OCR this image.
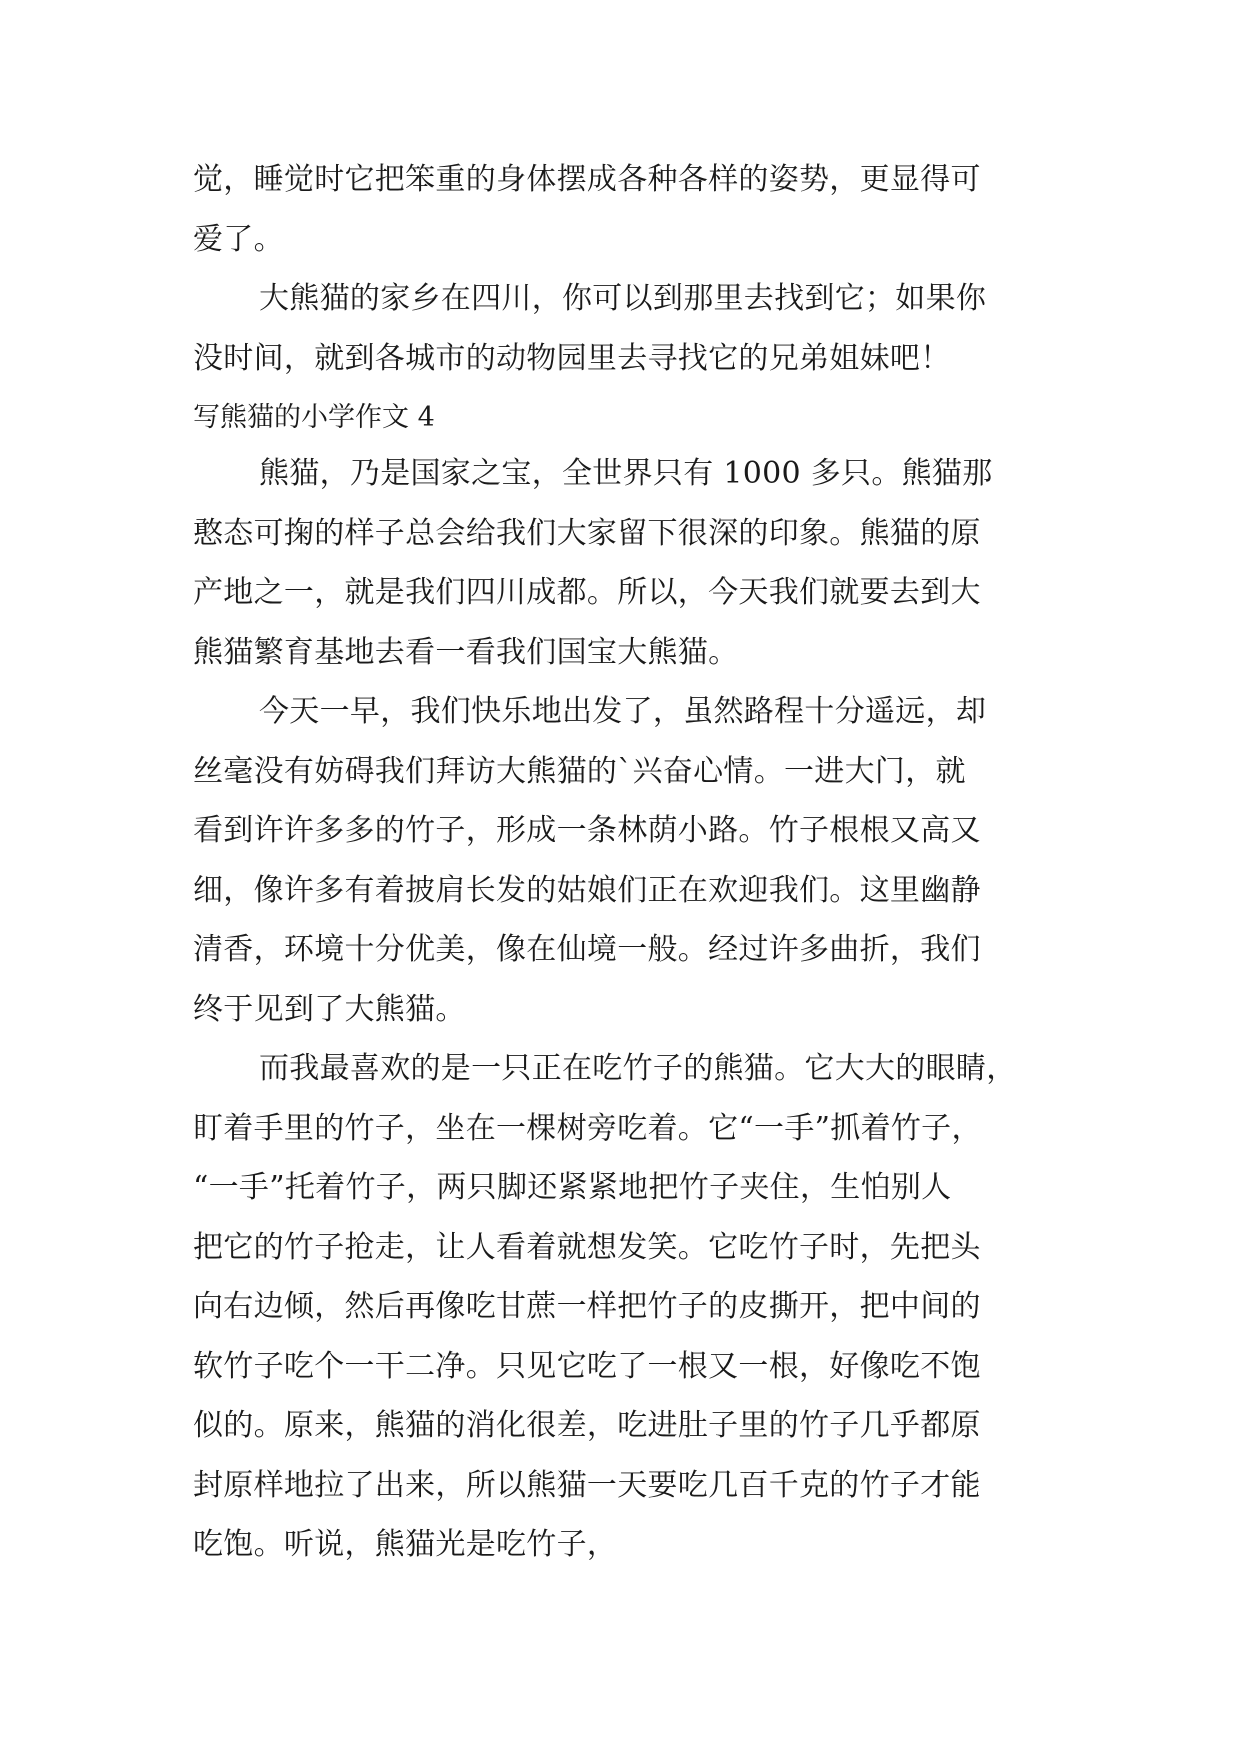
觉，睡觉时它把笨重的身体摆成各种各样的姿势，更显得可
爱了。
大熊猫的家乡在四川，你可以到那里去找到它；如果你
没时间，就到各城市的动物园里去寻找它的兄弟姐妹吧！
写熊猫的小学作文 4
熊猫，乃是国家之宝，全世界只有 1000 多只。熊猫那
憨态可掬的样子总会给我们大家留下很深的印象。熊猫的原
产地之一，就是我们四川成都。所以，今天我们就要去到大
熊猫繁育基地去看一看我们国宝大熊猫。
今天一早，我们快乐地出发了，虽然路程十分遥远，却
丝毫没有妨碍我们拜访大熊猫的`兴奋心情。一进大门，就
看到许许多多的竹子，形成一条林荫小路。竹子根根又高又
细，像许多有着披肩长发的姑娘们正在欢迎我们。这里幽静
清香，环境十分优美，像在仙境一般。经过许多曲折，我们
终于见到了大熊猫。
而我最喜欢的是一只正在吃竹子的熊猫。它大大的眼睛，
盯着手里的竹子，坐在一棵树旁吃着。它“一手”抓着竹子，
“一手”托着竹子，两只脚还紧紧地把竹子夹住，生怕别人
把它的竹子抢走，让人看着就想发笑。它吃竹子时，先把头
向右边倾，然后再像吃甘蔗一样把竹子的皮撕开，把中间的
软竹子吃个一干二净。只见它吃了一根又一根，好像吃不饱
似的。原来，熊猫的消化很差，吃进肚子里的竹子几乎都原
封原样地拉了出来，所以熊猫一天要吃几百千克的竹子才能
吃饱。听说，熊猫光是吃竹子，
